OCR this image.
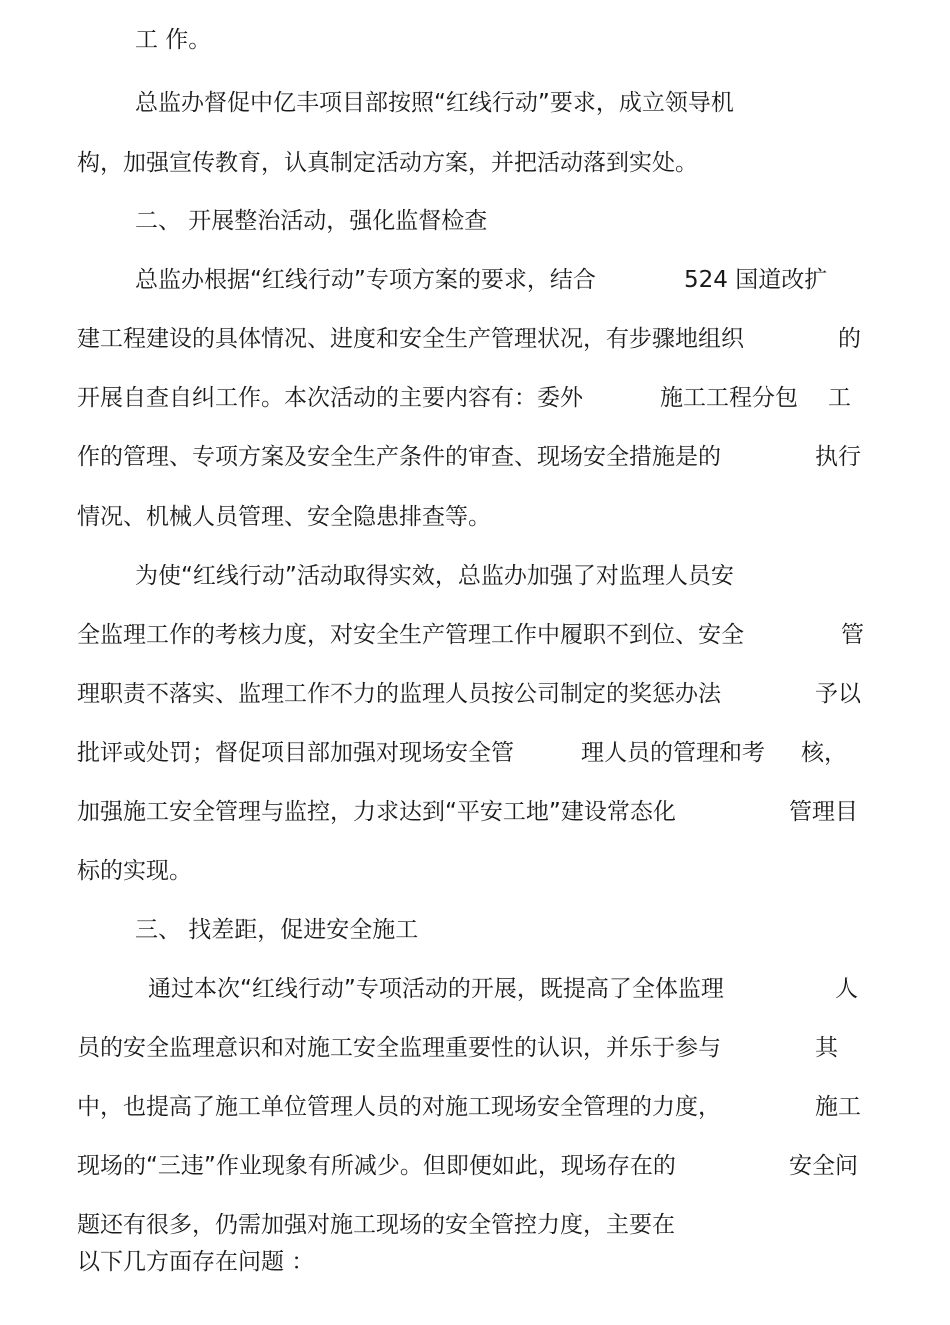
工 作。
总监办督促中亿丰项目部按照“红线行动”要求，成立领导机
构，加强宣传教育，认真制定活动方案，并把活动落到实处。
二、 开展整治活动，强化监督检查
总监办根据“红线行动”专项方案的要求，结合	524 国道改扩
建工程建设的具体情况、进度和安全生产管理状况，有步骤地组织	的
开展自查自纠工作。本次活动的主要内容有：委外	施工工程分包 工
作的管理、专项方案及安全生产条件的审查、现场安全措施是的	执行
情况、机械人员管理、安全隐患排查等。
为使“红线行动”活动取得实效，总监办加强了对监理人员安
全监理工作的考核力度，对安全生产管理工作中履职不到位、安全	管
理职责不落实、监理工作不力的监理人员按公司制定的奖惩办法	予以
批评或处罚；督促项目部加强对现场安全管	理人员的管理和考 核，
加强施工安全管理与监控，力求达到“平安工地”建设常态化	管理目
标的实现。
三、 找差距，促进安全施工
通过本次“红线行动”专项活动的开展，既提高了全体监理	人
员的安全监理意识和对施工安全监理重要性的认识，并乐于参与	其
中，也提高了施工单位管理人员的对施工现场安全管理的力度，	施工
现场的“三违”作业现象有所减少。但即便如此，现场存在的	安全问
题还有很多，仍需加强对施工现场的安全管控力度，主要在
以下几方面存在问题 ：
